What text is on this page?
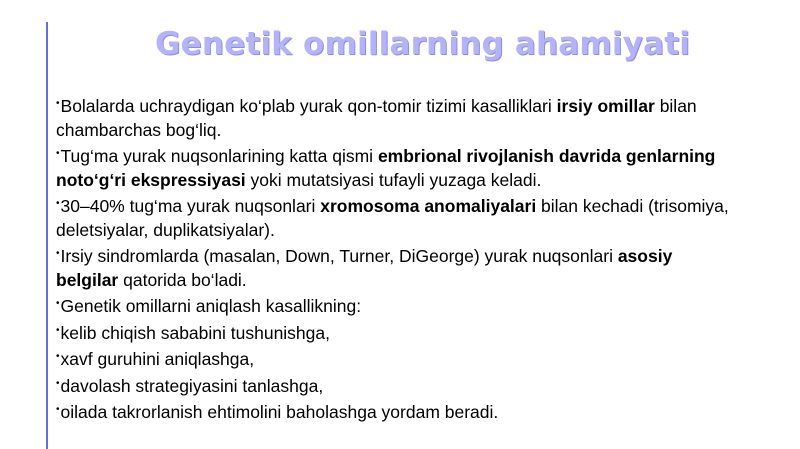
Genetik omillarning ahamiyati
•Bolalarda uchraydigan ko‘plab yurak qon-tomir tizimi kasalliklari irsiy omillar bilan chambarchas bog‘liq.
•Tug‘ma yurak nuqsonlarining katta qismi embrional rivojlanish davrida genlarning noto‘g‘ri ekspressiyasi yoki mutatsiyasi tufayli yuzaga keladi.
•30–40% tug‘ma yurak nuqsonlari xromosoma anomaliyalari bilan kechadi (trisomiya, deletsiyalar, duplikatsiyalar).
•Irsiy sindromlarda (masalan, Down, Turner, DiGeorge) yurak nuqsonlari asosiy belgilar qatorida bo‘ladi.
•Genetik omillarni aniqlash kasallikning:
•kelib chiqish sababini tushunishga,
•xavf guruhini aniqlashga,
•davolash strategiyasini tanlashga,
•oilada takrorlanish ehtimolini baholashga yordam beradi.
